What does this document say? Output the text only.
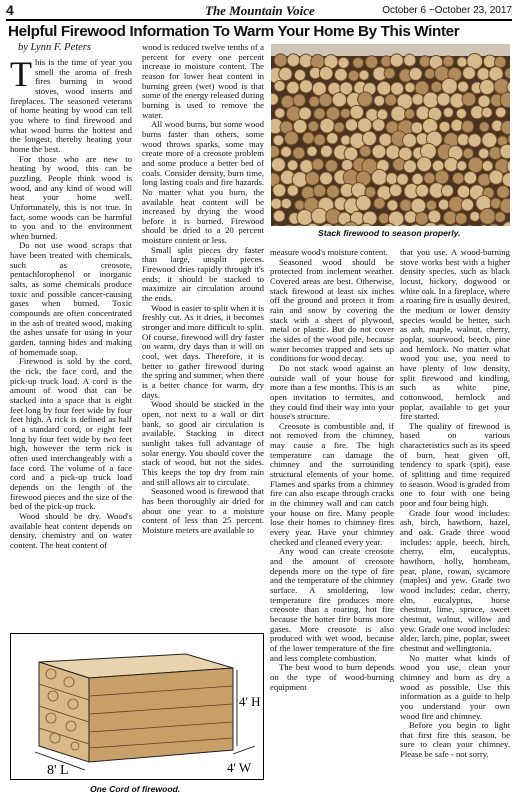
4	The Mountain Voice	October 6 ~October 23, 2017
Helpful Firewood Information To Warm Your Home By This Winter
by Lynn F. Peters

This is the time of year you smell the aroma of fresh fires burning in wood stoves, wood inserts and fireplaces. The seasoned veterans of home heating by wood can tell you where to find firewood and what wood burns the hottest and the longest, thereby heating your home the best.

For those who are new to heating by wood, this can be puzzling. People think wood is wood, and any kind of wood will heat your home well. Unfortunately, this is not true. In fact, some woods can be harmful to you and to the environment when burned.

Do not use wood scraps that have been treated with chemicals, such as creosote, pentachlorophenol or inorganic salts, as some chemicals produce toxic and possible cancer-causing gases when burned. Toxic compounds are often concentrated in the ash of treated wood, making the ashes unsafe for using in your garden, tanning hides and making of homemade soap.

Firewood is sold by the cord, the rick, the face cord, and the pick-up truck load. A cord is the amount of wood that can be stacked into a space that is eight feet long by four feet wide by four feet high. A rick is defined as half of a standard cord, or eight feet long by four feet wide by two feet high, however the term rick is often used interchangeably with a face cord. The volume of a face cord and a pick-up truck load depends on the length of the firewood pieces and the size of the bed of the pick-up truck.

Wood should be dry. Wood's available heat content depends on density, chemistry and on water content. The heat content of

wood is reduced twelve tenths of a percent for every one percent increase in moisture content. The reason for lower heat content in burning green (wet) wood is that some of the energy released during burning is used to remove the water.

All wood burns, but some wood burns faster than others, some wood throws sparks, some may create more of a creosote problem and some produce a better bed of coals. Consider density, burn time, long lasting coals and fire hazards. No matter what you burn, the available heat content will be increased by drying the wood before it is burned. Firewood should be dried to a 20 percent moisture content or less.

Small split pieces dry faster than large, unsplit pieces. Firewood dries rapidly through it's ends; it should be stacked to maximize air circulation around the ends.

Wood is easier to split when it is freshly cut. As it dries, it becomes stronger and more difficult to split. Of course, firewood will dry faster on warm, dry days than it will on cool, wet days. Therefore, it is better to gather firewood during the spring and summer, when there is a better chance for warm, dry days.

Wood should be stacked in the open, not next to a wall or dirt bank, so good air circulation is available. Stacking in direct sunlight takes full advantage of solar energy. You should cover the stack of wood, but not the sides. This keeps the top dry from rain and still allows air to circulate.

Seasoned wood is firewood that has been thoroughly air dried for about one year to a moisture content of less than 25 percent. Moisture meters are available to

measure wood's moisture content.

Seasoned wood should be protected from inclement weather. Covered areas are best. Otherwise, stack firewood at least six inches off the ground and protect it from rain and snow by covering the stack with a sheet of plywood, metal or plastic. But do not cover the sides of the wood pile, because water becomes trapped and sets up conditions for wood decay.

Do not stack wood against an outside wall of your house for more than a few months. This is an open invitation to termites, and they could find their way into your house's structure.

Creosote is combustible and, if not removed from the chimney, may cause a fire. The high temperature can damage the chimney and the surrounding structural elements of your home. Flames and sparks from a chimney fire can also escape through cracks in the chimney wall and can catch your house on fire. Many people lose their homes to chimney fires every year. Have your chimney checked and cleaned every year.

Any wood can create creosote and the amount of creosote depends more on the type of fire and the temperature of the chimney surface. A smoldering, low temperature fire produces more creosote than a roaring, hot fire because the hotter fire burns more gases. More creosote is also produced with wet wood, because of the lower temperature of the fire and less complete combustion.

The best wood to burn depends on the type of wood-burning equipment

that you use. A wood-burning stove works best with a higher density species, such as black locust, hickory, dogwood or white oak. In a fireplace, where a roaring fire is usually desired, the medium or lower density species would be better, such as ash, maple, walnut, cherry, poplar, sourwood, beech, pine and hemlock. No matter what wood you use, you need to have plenty of low density, split firewood and kindling, such as white pine, cottonwood, hemlock and poplar, available to get your fire started.

The quality of firewood is based on various characteristics such as its speed of burn, heat given off, tendency to spark (spit), ease of splitting and time required to season. Wood is graded from one to four with one being poor and four being high.

Grade four wood includes: ash, birch, hawthorn, hazel, and oak. Grade three wood includes: apple, beech, birch, cherry, elm, eucalyptus, hawthorn, holly, hornbeam, pear, plane, rowan, sycamore (maples) and yew. Grade two wood includes: cedar, cherry, elm, eucalyptus, horse chestnut, lime, spruce, sweet chestnut, walnut, willow and yew. Grade one wood includes: alder, larch, pine, poplar, sweet chestnut and wellingtonia.

No matter what kinds of wood you use, clean your chimney and burn as dry a wood as possible. Use this information as a guide to help you understand your own wood fire and chimney.

Before you begin to light that first fire this season, be sure to clean your chimney. Please be safe - not sorry.

Stack firewood to season properly.
8' L
4' H
4' W
One Cord of firewood.
